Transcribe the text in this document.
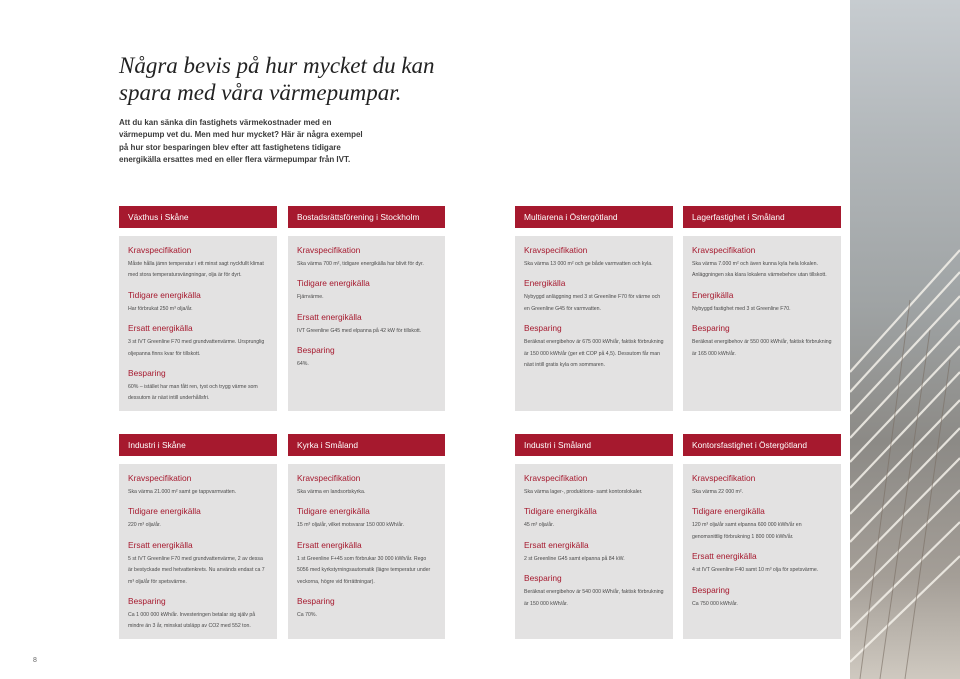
Några bevis på hur mycket du kan
spara med våra värmepumpar.

Att du kan sänka din fastighets värmekostnader med en värmepump vet du. Men med hur mycket? Här är några exempel på hur stor besparingen blev efter att fastighetens tidigare energikälla ersattes med en eller flera värmepumpar från IVT.

Växthus i Skåne	Bostadsrättsförening i Stockholm	Multiarena i Östergötland	Lagerfastighet i Småland
Kravspecifikation

Måste hålla jämn temperatur i ett minst sagt nyckfullt klimat med stora temperatursvängningar, olja är för dyrt.

Tidigare energikälla

Har förbrukat 250 m³ olja/år.

Ersatt energikälla

3 st IVT Greenline F70 med grundvattenvärme. Ursprunglig oljepanna finns kvar för tillskott.

Besparing

60% – istället har man fått ren, tyst och trygg värme som dessutom är näst intill underhållsfri.

Kravspecifikation

Ska värma 700 m², tidigare energikälla har blivit för dyr.

Tidigare energikälla

Fjärrvärme.

Ersatt energikälla

IVT Greenline G45 med elpanna på 42 kW för tillskott.

Besparing

64%.

Kravspecifikation

Ska värma 13 000 m² och ge både varmvatten och kyla.

Energikälla

Nybyggd anläggning med 3 st Greenline F70 för värme och en Greenline G45 för varmvatten.

Besparing

Beräknat energibehov är 675 000 kWh/år, faktisk förbrukning är 150 000 kWh/år (ger ett COP på 4,5). Dessutom får man näst intill gratis kyla om sommaren.

Kravspecifikation

Ska värma 7.000 m² och även kunna kyla hela lokalen. Anläggningen ska klara lokalens värmebehov utan tillskott.

Energikälla

Nybyggd fastighet med 3 st Greenline F70.

Besparing

Beräknat energibehov är 550 000 kWh/år, faktisk förbrukning är 165 000 kWh/år.

Industri i Skåne	Kyrka i Småland	Industri i Småland	Kontorsfastighet i Östergötland
Kravspecifikation

Ska värma 21.000 m² samt ge tappvarmvatten.

Tidigare energikälla

220 m³ olja/år.

Ersatt energikälla

5 st IVT Greenline F70 med grundvattenvärme, 2 av dessa är bestyckade med hetvattenkrets. Nu används endast ca 7 m³ olja/år för spetsvärme.

Besparing

Ca 1 000 000 kWh/år. Investeringen betalar sig själv på mindre än 3 år, minskat utsläpp av CO2 med 552 ton.

Kravspecifikation

Ska värma en landsortskyrka.

Tidigare energikälla

15 m³ olja/år, vilket motsvarar 150 000 kWh/år.

Ersatt energikälla

1 st Greenline F+45 som förbrukar 30 000 kWh/år. Rego 5056 med kyrkstyrningsautomatik (lägre temperatur under veckorna, högre vid förrättningar).

Besparing

Ca 70%.

Kravspecifikation

Ska värma lager-, produktions- samt kontorslokaler.

Tidigare energikälla

45 m³ olja/år.

Ersatt energikälla

2 st Greenline G45 samt elpanna på 84 kW.

Besparing

Beräknat energibehov är 540 000 kWh/år, faktisk förbrukning är 150 000 kWh/år.

Kravspecifikation

Ska värma 22 000 m².

Tidigare energikälla

120 m³ olja/år samt elpanna 600 000 kWh/år en genomsnittlig förbrukning 1 800 000 kWh/år.

Ersatt energikälla

4 st IVT Greenline F40 samt 10 m³ olja för spetsvärme.

Besparing

Ca 750 000 kWh/år.

8
